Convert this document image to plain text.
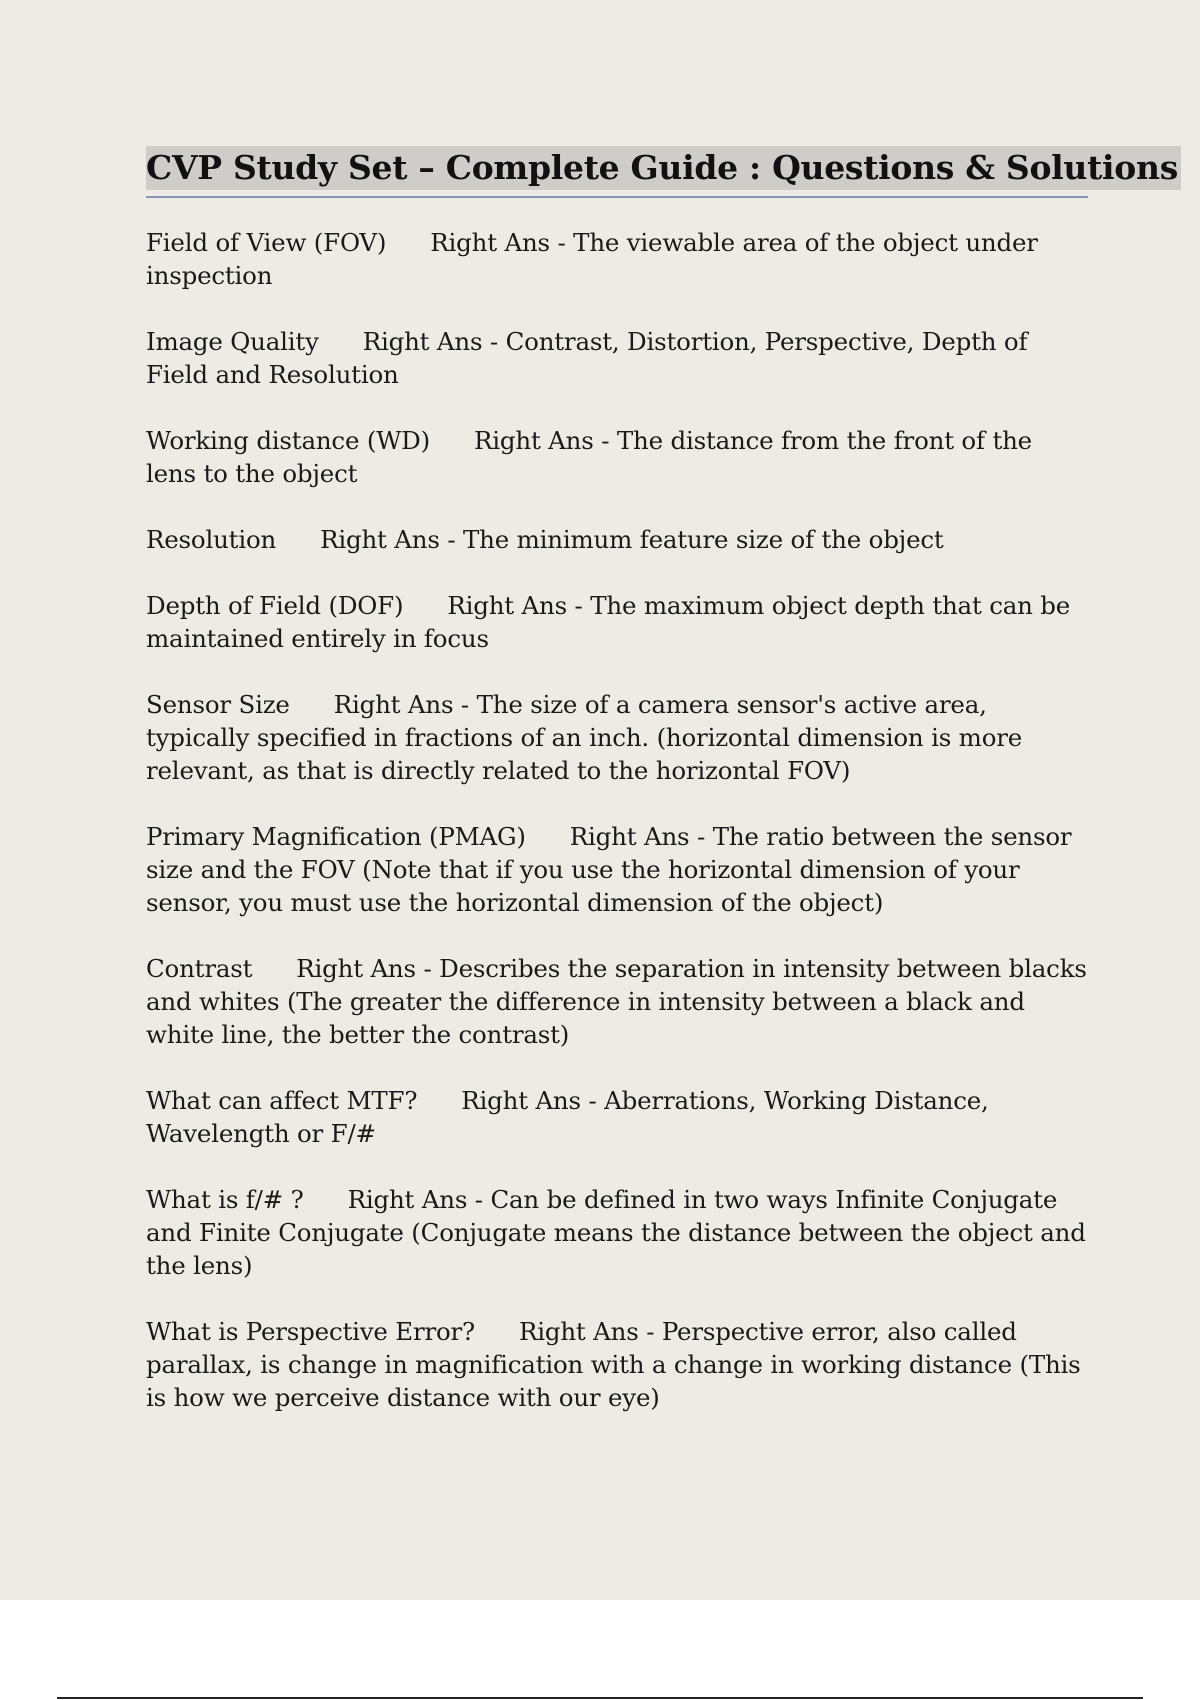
CVP Study Set – Complete Guide : Questions & Solutions

Field of View (FOV) Right Ans - The viewable area of the object under inspection

Image Quality Right Ans - Contrast, Distortion, Perspective, Depth of Field and Resolution

Working distance (WD) Right Ans - The distance from the front of the lens to the object

Resolution Right Ans - The minimum feature size of the object

Depth of Field (DOF) Right Ans - The maximum object depth that can be maintained entirely in focus

Sensor Size Right Ans - The size of a camera sensor's active area, typically specified in fractions of an inch. (horizontal dimension is more relevant, as that is directly related to the horizontal FOV)

Primary Magnification (PMAG) Right Ans - The ratio between the sensor size and the FOV (Note that if you use the horizontal dimension of your sensor, you must use the horizontal dimension of the object)

Contrast Right Ans - Describes the separation in intensity between blacks and whites (The greater the difference in intensity between a black and white line, the better the contrast)

What can affect MTF? Right Ans - Aberrations, Working Distance, Wavelength or F/#

What is f/# ? Right Ans - Can be defined in two ways Infinite Conjugate and Finite Conjugate (Conjugate means the distance between the object and the lens)

What is Perspective Error? Right Ans - Perspective error, also called parallax, is change in magnification with a change in working distance (This is how we perceive distance with our eye)
